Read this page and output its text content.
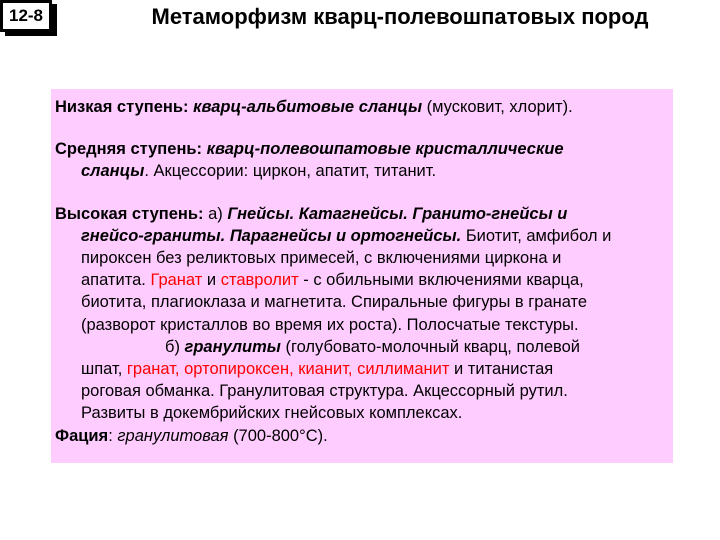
12-8	Метаморфизм кварц-полевошпатовых пород

Низкая ступень: кварц-альбитовые сланцы (мусковит, хлорит).

Средняя ступень: кварц-полевошпатовые кристаллические
сланцы. Акцессории: циркон, апатит, титанит.

Высокая ступень: а) Гнейсы. Катагнейсы. Гранито-гнейсы и
гнейсо-граниты. Парагнейсы и ортогнейсы. Биотит, амфибол и
пироксен без реликтовых примесей, с включениями циркона и
апатита. Гранат и ставролит - с обильными включениями кварца,
биотита, плагиоклаза и магнетита. Спиральные фигуры в гранате
(разворот кристаллов во время их роста). Полосчатые текстуры.
б) гранулиты (голубовато-молочный кварц, полевой
шпат, гранат, ортопироксен, кианит, силлиманит и титанистая
роговая обманка. Гранулитовая структура. Акцессорный рутил.
Развиты в докембрийских гнейсовых комплексах.

Фация: гранулитовая (700-800°С).
